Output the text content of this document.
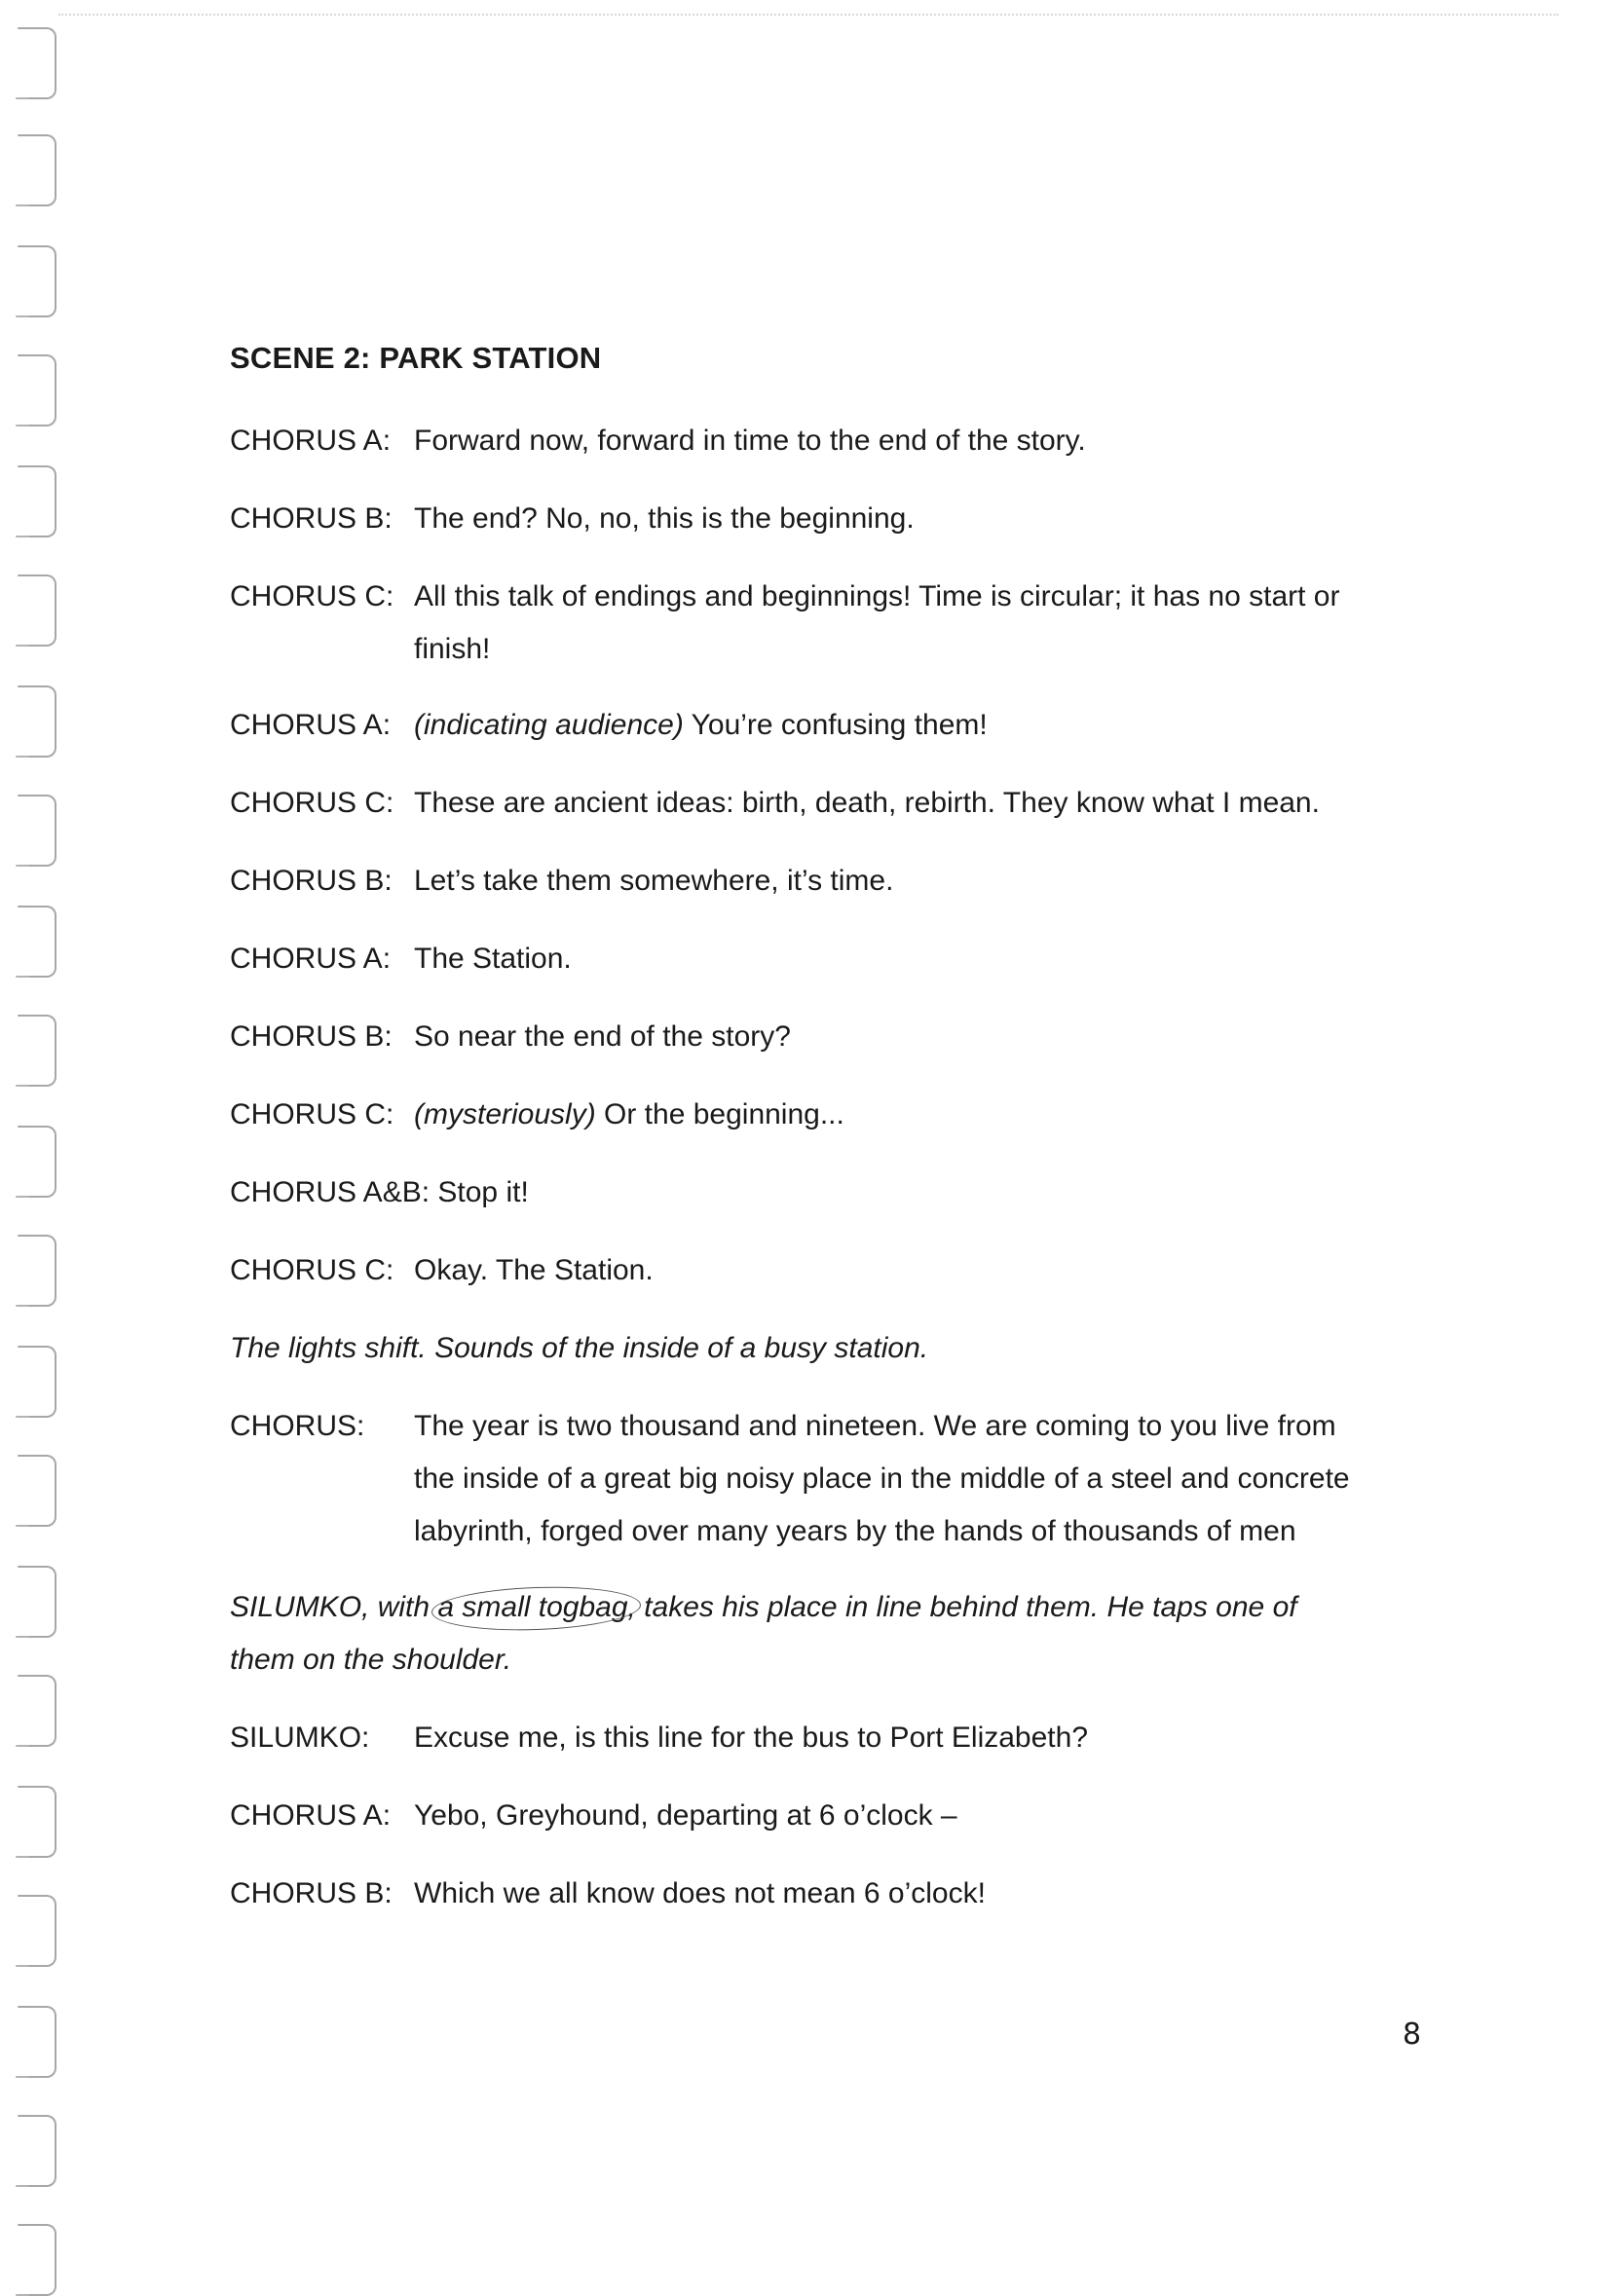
SCENE 2: PARK STATION
CHORUS A: Forward now, forward in time to the end of the story.
CHORUS B: The end? No, no, this is the beginning.
CHORUS C: All this talk of endings and beginnings! Time is circular; it has no start or
finish!
CHORUS A: (indicating audience) You’re confusing them!
CHORUS C: These are ancient ideas: birth, death, rebirth. They know what I mean.
CHORUS B: Let’s take them somewhere, it’s time.
CHORUS A: The Station.
CHORUS B: So near the end of the story?
CHORUS C: (mysteriously) Or the beginning...
CHORUS A&B: Stop it!
CHORUS C: Okay. The Station.
The lights shift. Sounds of the inside of a busy station.
CHORUS: The year is two thousand and nineteen. We are coming to you live from
the inside of a great big noisy place in the middle of a steel and concrete
labyrinth, forged over many years by the hands of thousands of men
SILUMKO, with a small togbag, takes his place in line behind them. He taps one of
them on the shoulder.
SILUMKO: Excuse me, is this line for the bus to Port Elizabeth?
CHORUS A: Yebo, Greyhound, departing at 6 o’clock –
CHORUS B: Which we all know does not mean 6 o’clock!
8
